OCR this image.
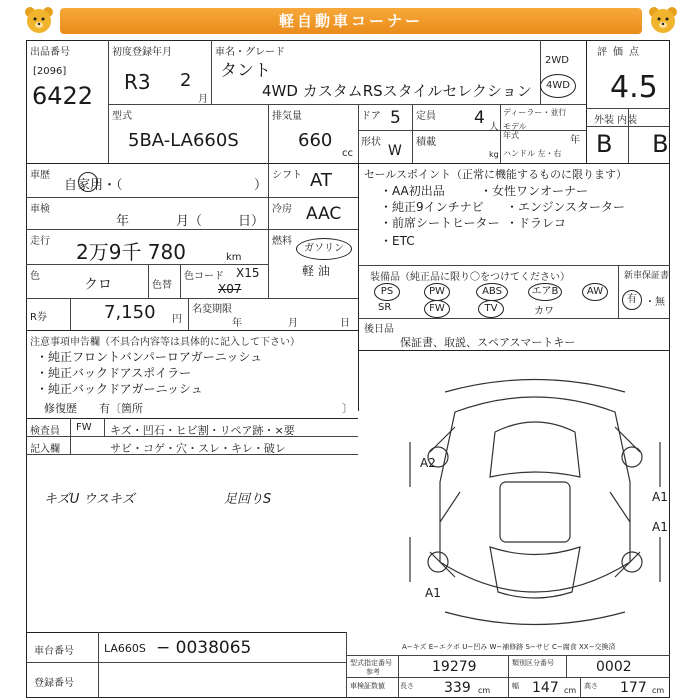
軽自動車コーナー
出品番号
[2096]
6422
初度登録年月
R3 2
月
車名・グレード
タント
4WD カスタムRSスタイルセレクション
2WD
4WD
評価点
4.5
外装 内装
B B
型式
5BA-LA660S
排気量
660
cc
ドア 5 定員 4 人
ディーラー・並行
モデル 年式	年
形状
W
積載
kg ハンドル 左・右
車歴
自家用・（	）
シフト AT
車検
年	月（	日）
冷房 AAC
走行 2万9千 780	km
燃料
ガソリン
軽 油
色
クロ	色替
色コード X15
X07
R券	7,150 円
名変期限
年	月	日
セールスポイント（正常に機能するものに限ります）
・AA初出品	・女性ワンオーナー
・純正9インチナビ ・エンジンスターター
・前席シートヒーター ・ドラレコ
・ETC
装備品（純正品に限り〇をつけてください）	新車保証書
PS	PW	ABS	エアB	AW
SR	FW	TV	カワ
有 ・無
後日品
保証書、取説、スペアスマートキー
注意事項申告欄（不具合内容等は具体的に記入して下さい）
・純正フロントバンパーロアガーニッシュ
・純正バックドアスポイラー
・純正バックドアガーニッシュ
修復歴　　有〔箇所	〕
検査員
記入欄
FW キズ・凹石・ヒビ割・リペア跡・×要
サビ・コゲ・穴・スレ・キレ・破レ
キズU ウスキズ	足回りS
A2
A1
A1
A1
車台番号	LA660S − 0038065
登録番号
A−キズ E−エクボ U−凹み W−補修跡 S−サビ C−腐食 XX−交換済
型式指定番号
参考	19279	類別区分番号	0002
車検証数値 長さ 339 cm	幅 147 cm 高さ 177 cm
